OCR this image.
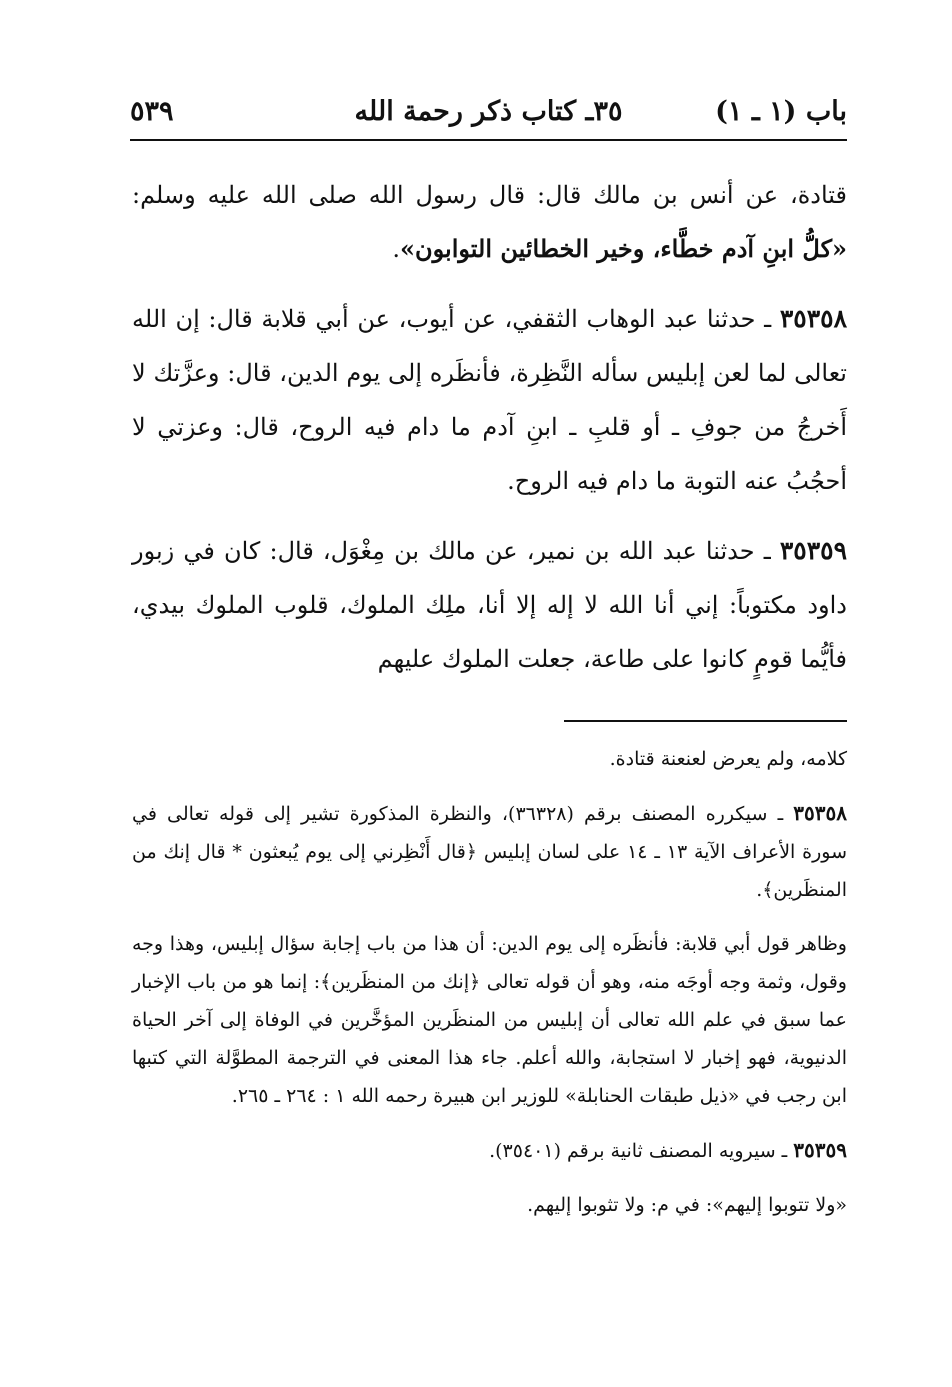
باب (١ ـ ١)
٣٥ـ كتاب ذكر رحمة الله
٥٣٩

قتادة، عن أنس بن مالك قال: قال رسول الله صلى الله عليه وسلم: «كلُّ ابنِ آدم خطَّاء، وخير الخطائين التوابون».

٣٥٣٥٨ ـ حدثنا عبد الوهاب الثقفي، عن أيوب، عن أبي قلابة قال: إن الله تعالى لما لعن إبليس سأله النَّظِرة، فأنظَره إلى يوم الدين، قال: وعزَّتك لا أَخرجُ من جوفِ ـ أو قلبِ ـ ابنِ آدم ما دام فيه الروح، قال: وعزتي لا أحجُبُ عنه التوبة ما دام فيه الروح.

٣٥٣٥٩ ـ حدثنا عبد الله بن نمير، عن مالك بن مِغْوَل، قال: كان في زبور داود مكتوباً: إني أنا الله لا إله إلا أنا، ملِك الملوك، قلوب الملوك بيدي، فأيُّما قومٍ كانوا على طاعة، جعلت الملوك عليهم

كلامه، ولم يعرض لعنعنة قتادة.

٣٥٣٥٨ ـ سيكرره المصنف برقم (٣٦٣٢٨)، والنظرة المذكورة تشير إلى قوله تعالى في سورة الأعراف الآية ١٣ ـ ١٤ على لسان إبليس ﴿قال أَنْظِرني إلى يوم يُبعثون * قال إنك من المنظَرين﴾.

وظاهر قول أبي قلابة: فأنظَره إلى يوم الدين: أن هذا من باب إجابة سؤال إبليس، وهذا وجه وقول، وثمة وجه أوجَه منه، وهو أن قوله تعالى ﴿إنك من المنظَرين﴾: إنما هو من باب الإخبار عما سبق في علم الله تعالى أن إبليس من المنظَرين المؤخَّرين في الوفاة إلى آخر الحياة الدنيوية، فهو إخبار لا استجابة، والله أعلم. جاء هذا المعنى في الترجمة المطوَّلة التي كتبها ابن رجب في «ذيل طبقات الحنابلة» للوزير ابن هبيرة رحمه الله ١ : ٢٦٤ ـ ٢٦٥.

٣٥٣٥٩ ـ سيرويه المصنف ثانية برقم (٣٥٤٠١).

«ولا تتوبوا إليهم»: في م: ولا تثوبوا إليهم.
